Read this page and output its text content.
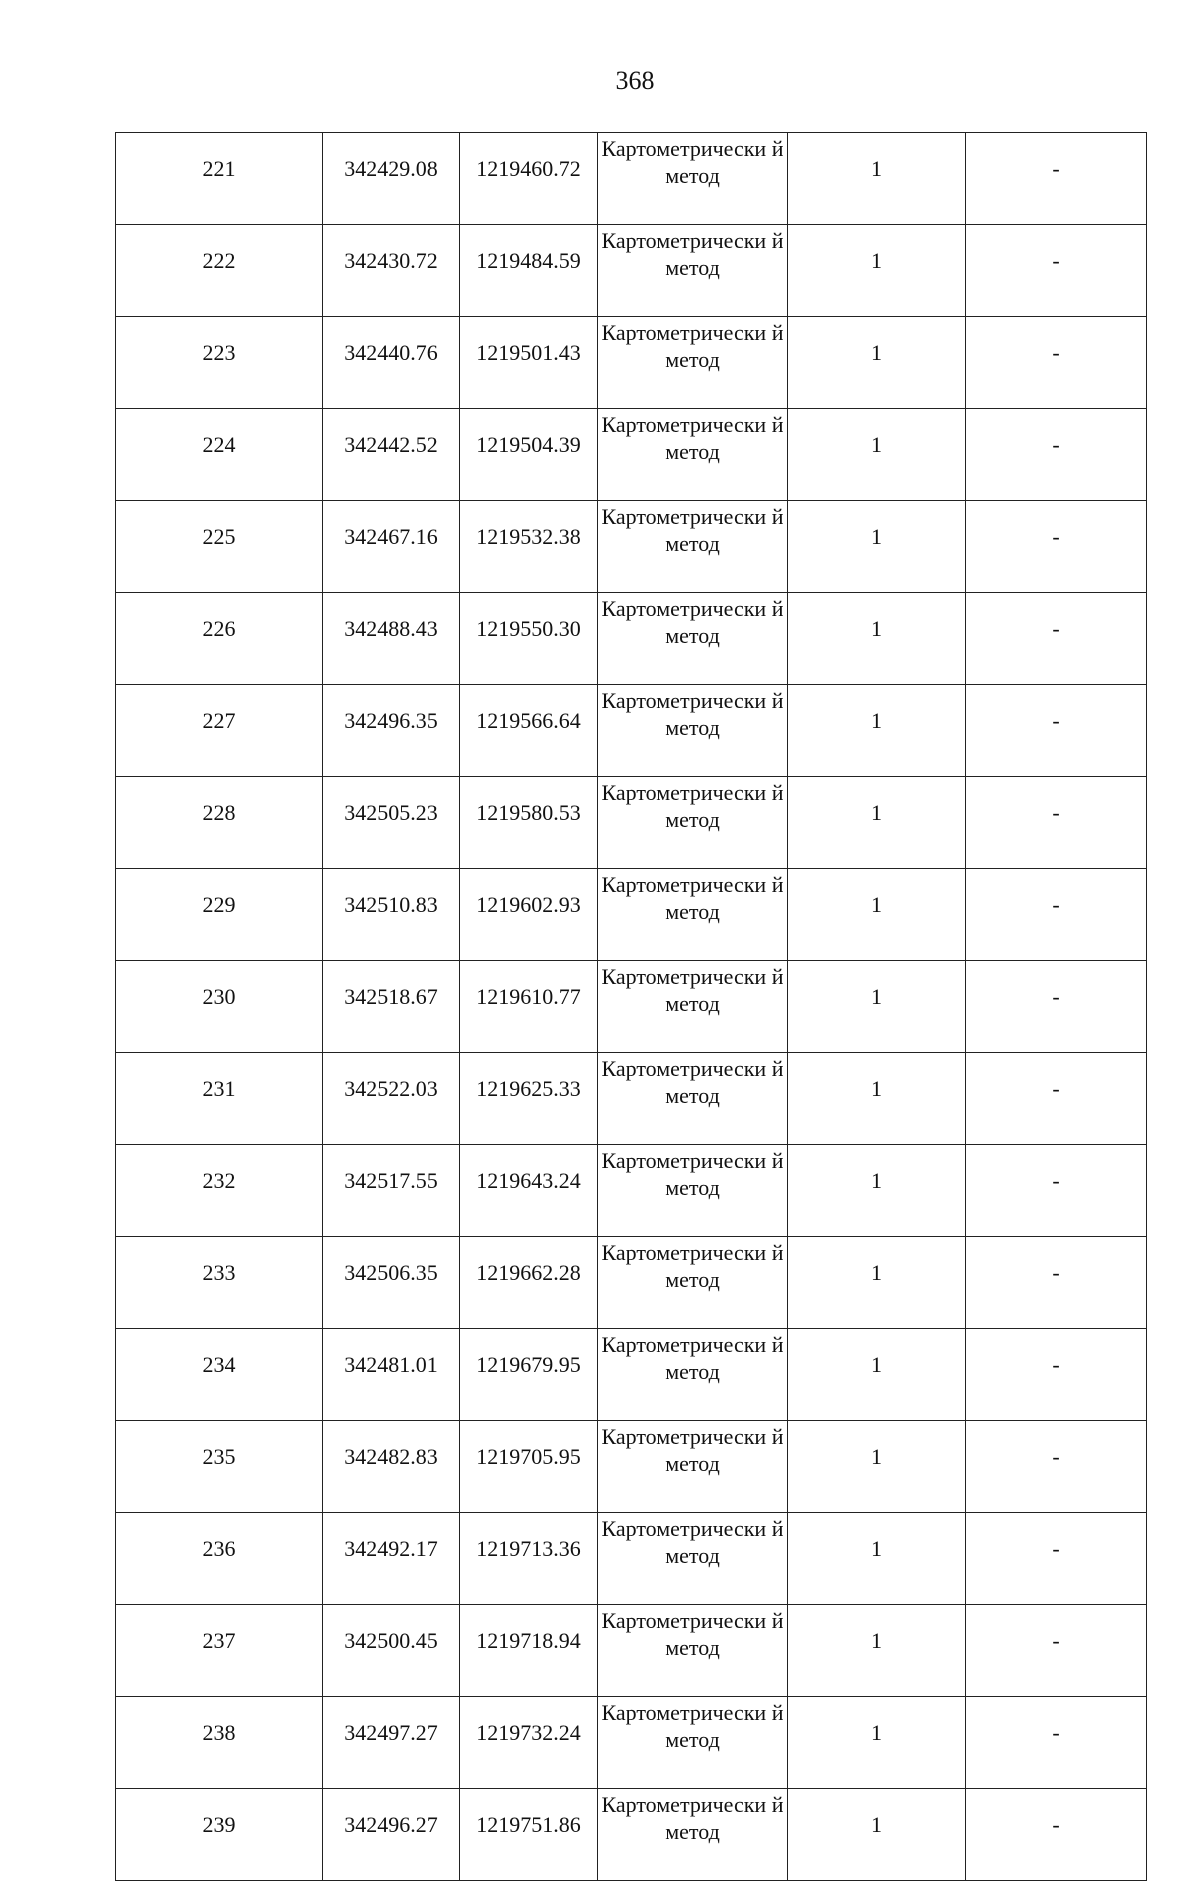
368
221	342429.08	1219460.72	Картометрически й метод	1	-
222	342430.72	1219484.59	Картометрически й метод	1	-
223	342440.76	1219501.43	Картометрически й метод	1	-
224	342442.52	1219504.39	Картометрически й метод	1	-
225	342467.16	1219532.38	Картометрически й метод	1	-
226	342488.43	1219550.30	Картометрически й метод	1	-
227	342496.35	1219566.64	Картометрически й метод	1	-
228	342505.23	1219580.53	Картометрически й метод	1	-
229	342510.83	1219602.93	Картометрически й метод	1	-
230	342518.67	1219610.77	Картометрически й метод	1	-
231	342522.03	1219625.33	Картометрически й метод	1	-
232	342517.55	1219643.24	Картометрически й метод	1	-
233	342506.35	1219662.28	Картометрически й метод	1	-
234	342481.01	1219679.95	Картометрически й метод	1	-
235	342482.83	1219705.95	Картометрически й метод	1	-
236	342492.17	1219713.36	Картометрически й метод	1	-
237	342500.45	1219718.94	Картометрически й метод	1	-
238	342497.27	1219732.24	Картометрически й метод	1	-
239	342496.27	1219751.86	Картометрически й метод	1	-
